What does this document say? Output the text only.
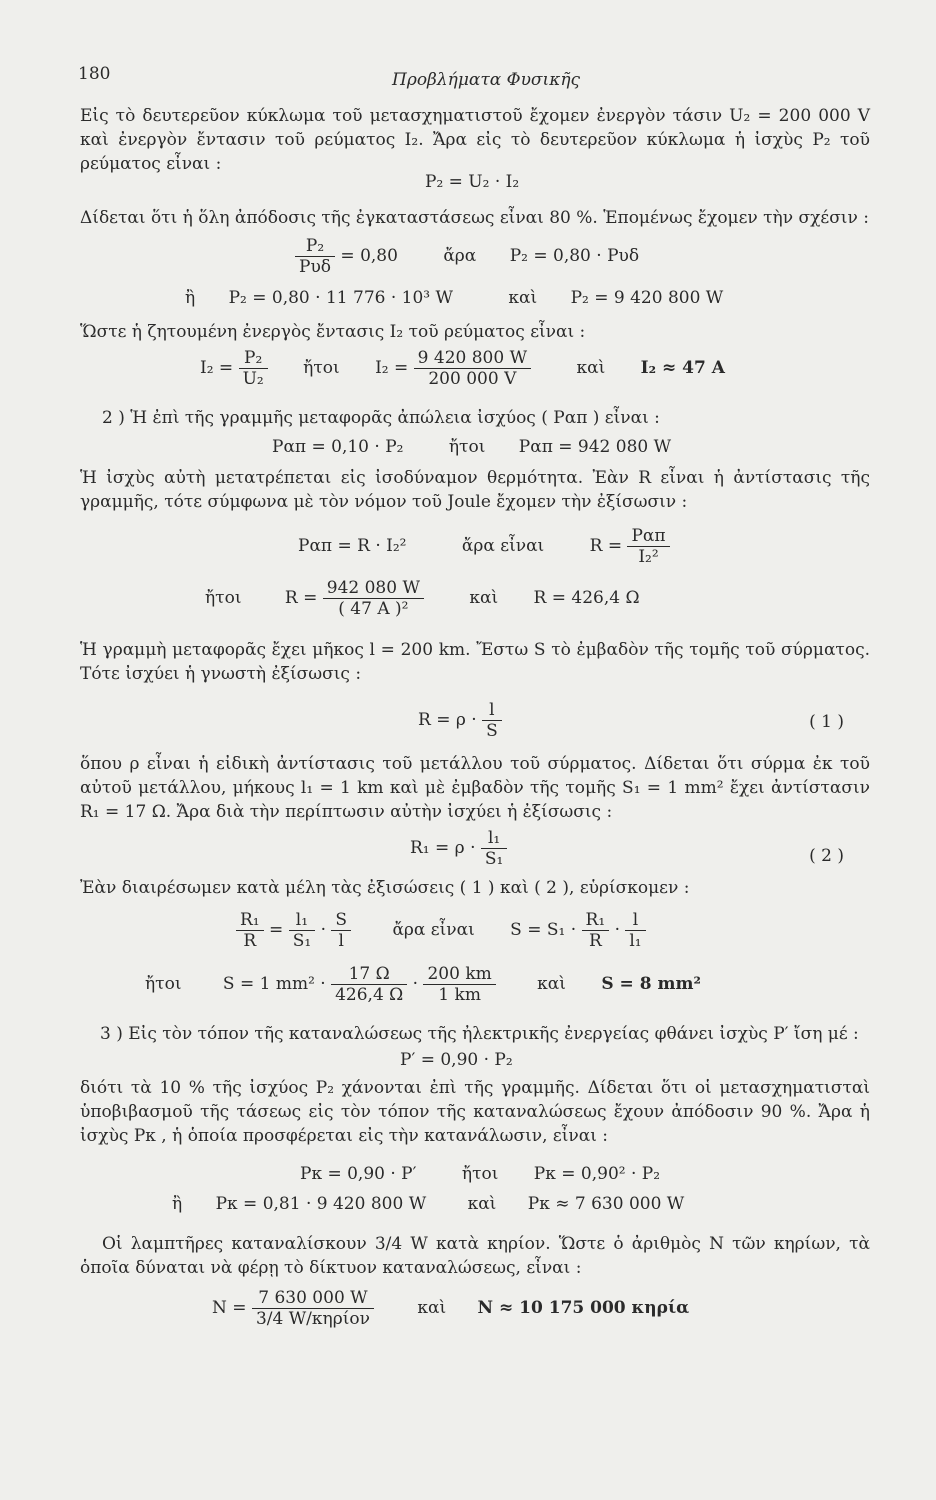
180	Προβλήματα Φυσικῆς
Εἰς τὸ δευτερεῦον κύκλωμα τοῦ μετασχηματιστοῦ ἔχομεν ἐνεργὸν τάσιν U₂ = 200 000 V καὶ ἐνεργὸν ἔντασιν τοῦ ρεύματος I₂. Ἄρα εἰς τὸ δευτερεῦον κύκλωμα ἡ ἰσχὺς P₂ τοῦ ρεύματος εἶναι :
P₂ = U₂ · I₂
Δίδεται ὅτι ἡ ὅλη ἀπόδοσις τῆς ἐγκαταστάσεως εἶναι 80 %. Ἑπομένως ἔχομεν τὴν σχέσιν :
$\frac{\text{P₂}}{\text{Pυδ}} = 0,80$	ἄρα P₂ = 0,80 · Pυδ
ἢ P₂ = 0,80 · 11 776 · 10³ W	καὶ P₂ = 9 420 800 W
Ὥστε ἡ ζητουμένη ἐνεργὸς ἔντασις I₂ τοῦ ρεύματος εἶναι :
$I_2 = \frac{\text{P₂}}{\text{U₂}}$ ἤτοι $I_2 = \frac{9 420 800 W}{200 000 V}$	καὶ I₂ ≈ 47 A
2 ) Ἡ ἐπὶ τῆς γραμμῆς μεταφορᾶς ἀπώλεια ἰσχύος ( Pαπ ) εἶναι :
Pαπ = 0,10 · P₂	ἤτοι Pαπ = 942 080 W
Ἡ ἰσχὺς αὐτὴ μετατρέπεται εἰς ἰσοδύναμον θερμότητα. Ἐὰν R εἶναι ἡ ἀντίστασις τῆς γραμμῆς, τότε σύμφωνα μὲ τὸν νόμον τοῦ Joule ἔχομεν τὴν ἐξίσωσιν :
Pαπ = R · I₂²	ἄρα εἶναι	$R = \frac{\text{Pαπ}}{\text{I₂²}}$
ἤτοι	$R = \frac{942 080 W}{\text{( 47 A )²}}$	καὶ R = 426,4 Ω
Ἡ γραμμὴ μεταφορᾶς ἔχει μῆκος l = 200 km. Ἔστω S τὸ ἐμβαδὸν τῆς τομῆς τοῦ σύρματος. Τότε ἰσχύει ἡ γνωστὴ ἐξίσωσις :
$R = \rho \cdot \frac{l}{S}$	( 1 )
ὅπου ρ εἶναι ἡ εἰδικὴ ἀντίστασις τοῦ μετάλλου τοῦ σύρματος. Δίδεται ὅτι σύρμα ἐκ τοῦ αὐτοῦ μετάλλου, μήκους l₁ = 1 km καὶ μὲ ἐμβαδὸν τῆς τομῆς S₁ = 1 mm² ἔχει ἀντίστασιν R₁ = 17 Ω. Ἄρα διὰ τὴν περίπτωσιν αὐτὴν ἰσχύει ἡ ἐξίσωσις :
$R_1 = \rho \cdot \frac{\text{l₁}}{\text{S₁}}$	( 2 )
Ἐὰν διαιρέσωμεν κατὰ μέλη τὰς ἐξισώσεις ( 1 ) καὶ ( 2 ), εὑρίσκομεν :
$\frac{\text{R₁}}{R} = \frac{\text{l₁}}{\text{S₁}} \cdot \frac{S}{l}$ ἄρα εἶναι $S = S_1 \cdot \frac{\text{R₁}}{R} \cdot \frac{l}{\text{l₁}}$
ἤτοι S = 1 $mm^2 \cdot \frac{17 \Omega}{426,4 \Omega} \cdot \frac{200 km}{1 km}$ καὶ S = 8 mm²
3 ) Εἰς τὸν τόπον τῆς καταναλώσεως τῆς ἠλεκτρικῆς ἐνεργείας φθάνει ἰσχὺς P′ ἴση μέ :
P′ = 0,90 · P₂
διότι τὰ 10 % τῆς ἰσχύος P₂ χάνονται ἐπὶ τῆς γραμμῆς. Δίδεται ὅτι οἱ μετασχηματισταὶ ὑποβιβασμοῦ τῆς τάσεως εἰς τὸν τόπον τῆς καταναλώσεως ἔχουν ἀπόδοσιν 90 %. Ἄρα ἡ ἰσχὺς Pκ , ἡ ὁποία προσφέρεται εἰς τὴν κατανάλωσιν, εἶναι :
Pκ = 0,90 · P′	ἤτοι Pκ = 0,90² · P₂
ἢ Pκ = 0,81 · 9 420 800 W καὶ Pκ ≈ 7 630 000 W
Οἱ λαμπτῆρες καταναλίσκουν 3/4 W κατὰ κηρίον. Ὥστε ὁ ἀριθμὸς N τῶν κηρίων, τὰ ὁποῖα δύναται νὰ φέρῃ τὸ δίκτυον καταναλώσεως, εἶναι :
$N = \frac{7 630 000 W}{\text{3/4 W/κηρίον}}$	καὶ N ≈ 10 175 000 κηρία
